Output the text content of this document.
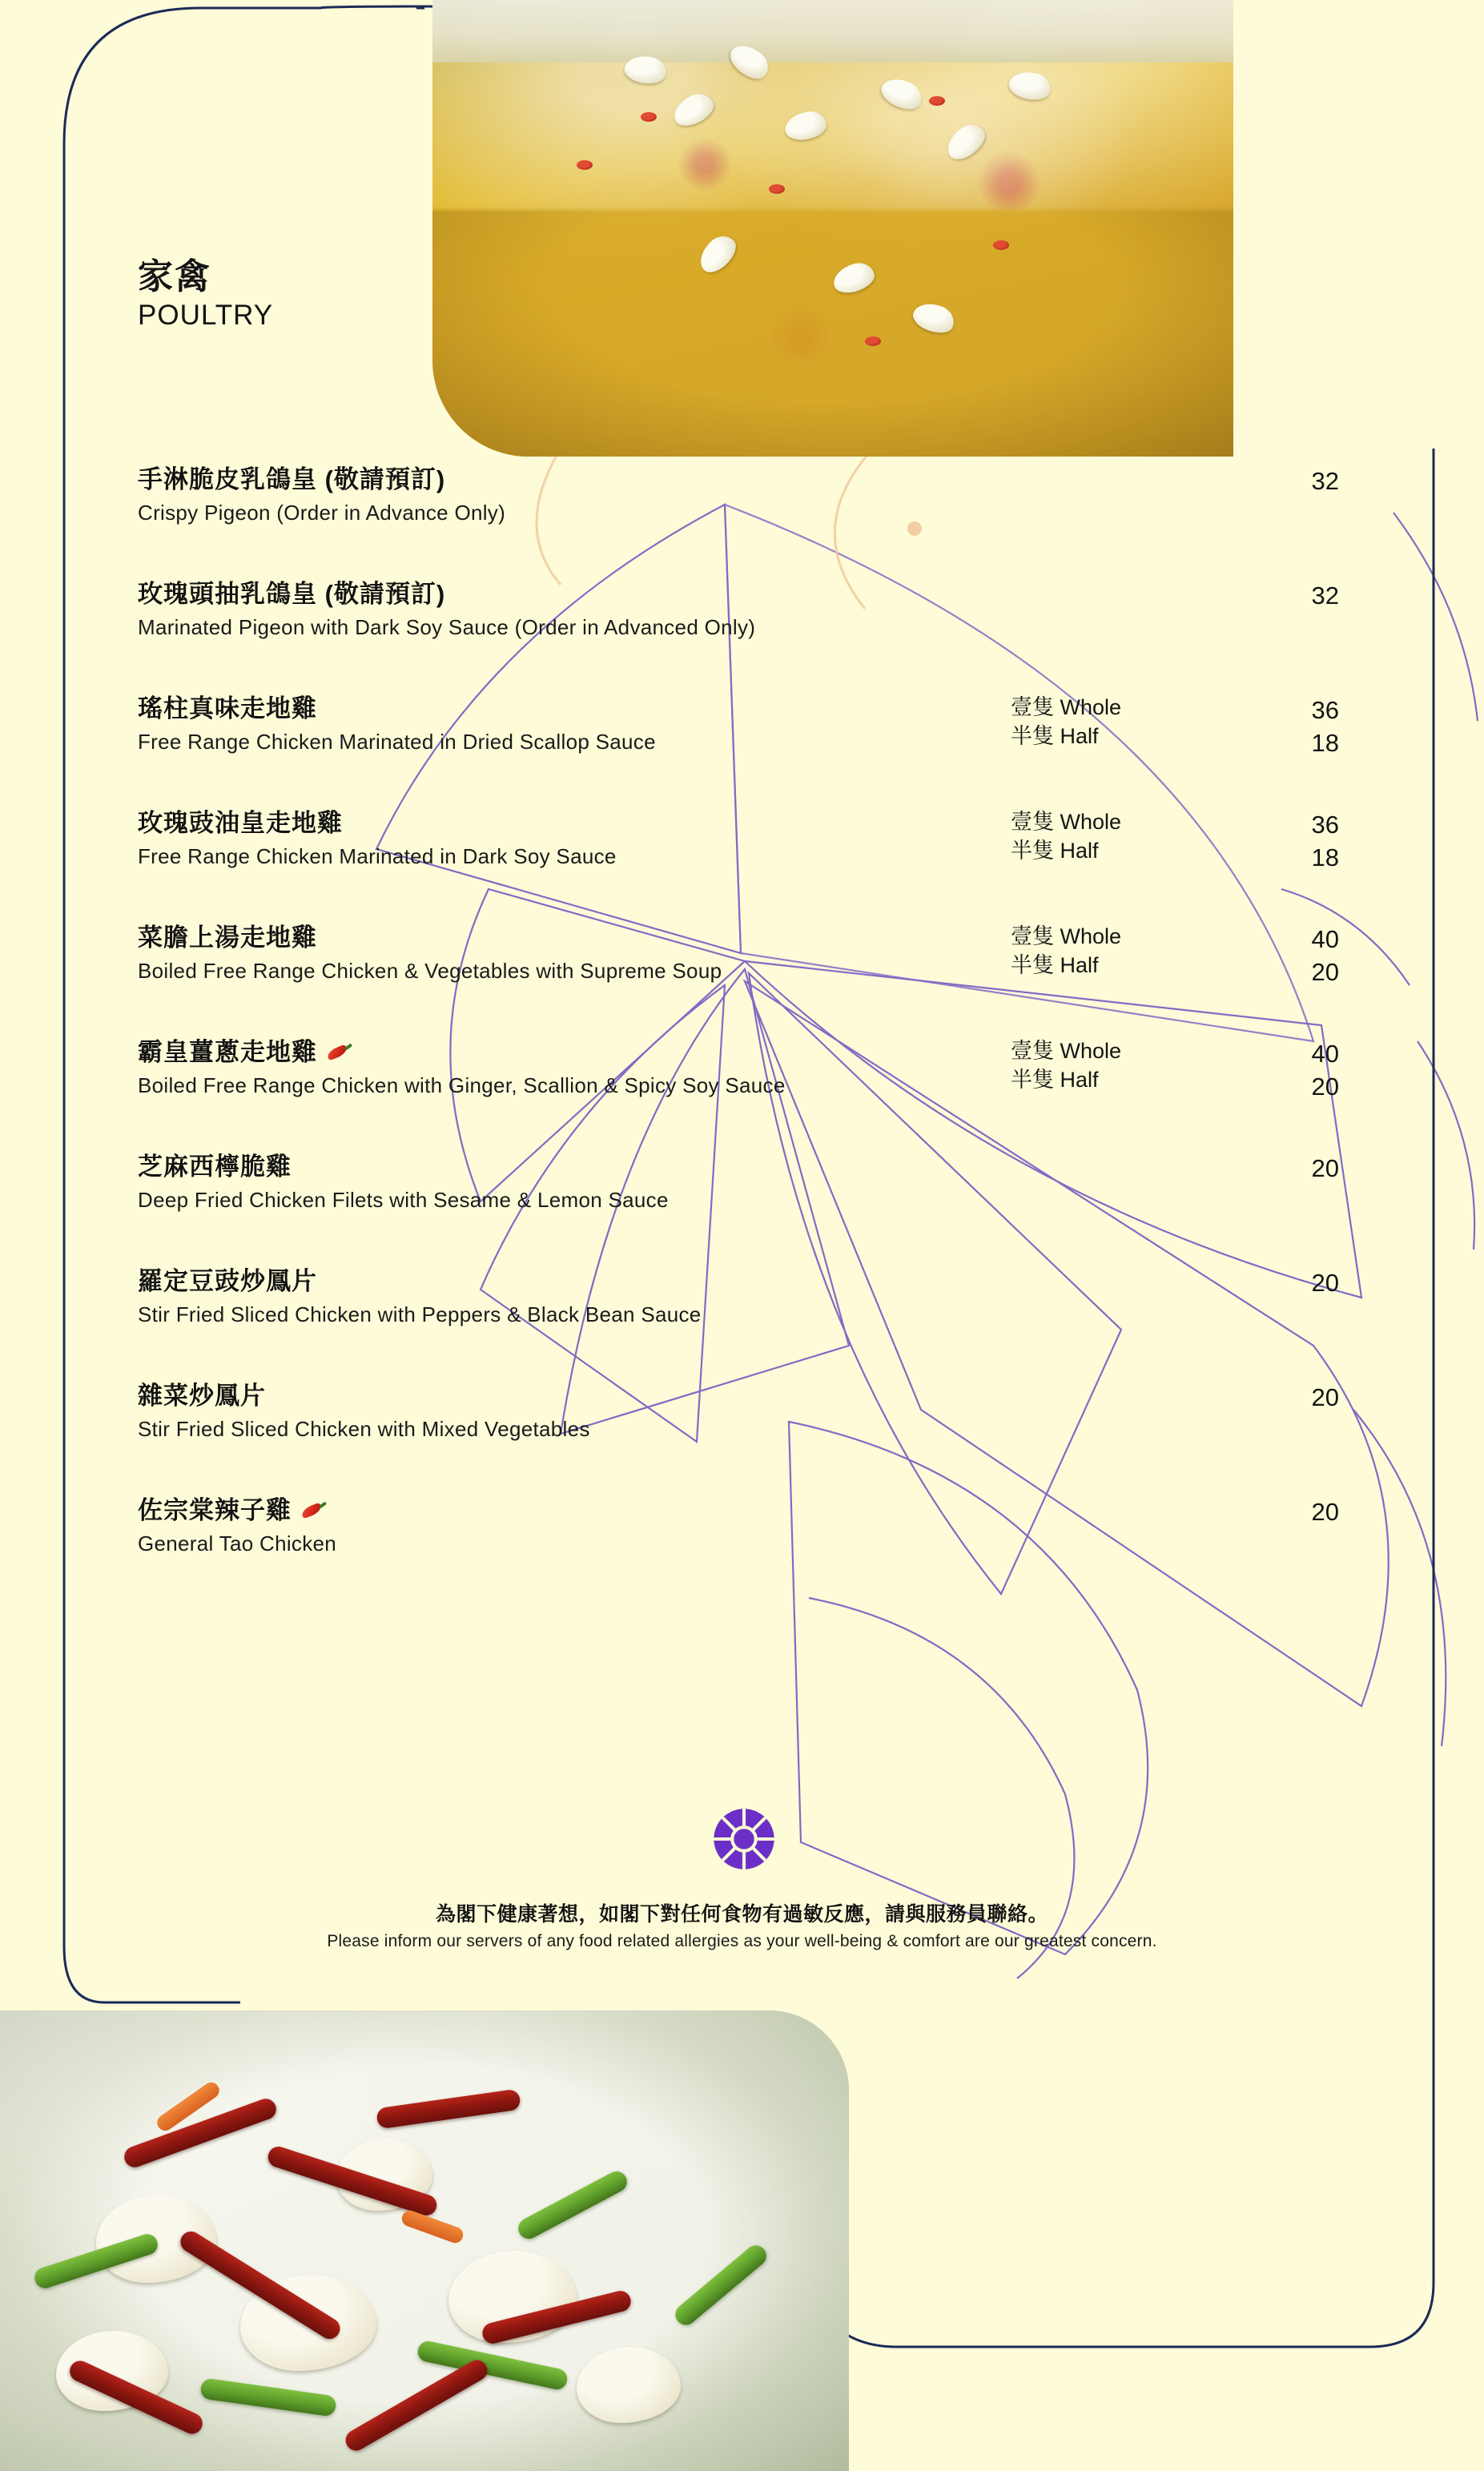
家禽
POULTRY
手淋脆皮乳鴿皇 (敬請預訂)
Crispy Pigeon (Order in Advance Only)
32
玫瑰頭抽乳鴿皇 (敬請預訂)
Marinated Pigeon with Dark Soy Sauce (Order in Advanced Only)
32
瑤柱真味走地雞
Free Range Chicken Marinated in Dried Scallop Sauce
壹隻 Whole
半隻 Half
36
18
玫瑰豉油皇走地雞
Free Range Chicken Marinated in Dark Soy Sauce
壹隻 Whole
半隻 Half
36
18
菜膽上湯走地雞
Boiled Free Range Chicken & Vegetables with Supreme Soup
壹隻 Whole
半隻 Half
40
20
霸皇薑蔥走地雞
Boiled Free Range Chicken with Ginger, Scallion & Spicy Soy Sauce
壹隻 Whole
半隻 Half
40
20
芝麻西檸脆雞
Deep Fried Chicken Filets with Sesame & Lemon Sauce
20
羅定豆豉炒鳳片
Stir Fried Sliced Chicken with Peppers & Black Bean Sauce
20
雜菜炒鳳片
Stir Fried Sliced Chicken with Mixed Vegetables
20
佐宗棠辣子雞
General Tao Chicken
20
為閣下健康著想，如閣下對任何食物有過敏反應，請與服務員聯絡。
Please inform our servers of any food related allergies as your well-being & comfort are our greatest concern.
